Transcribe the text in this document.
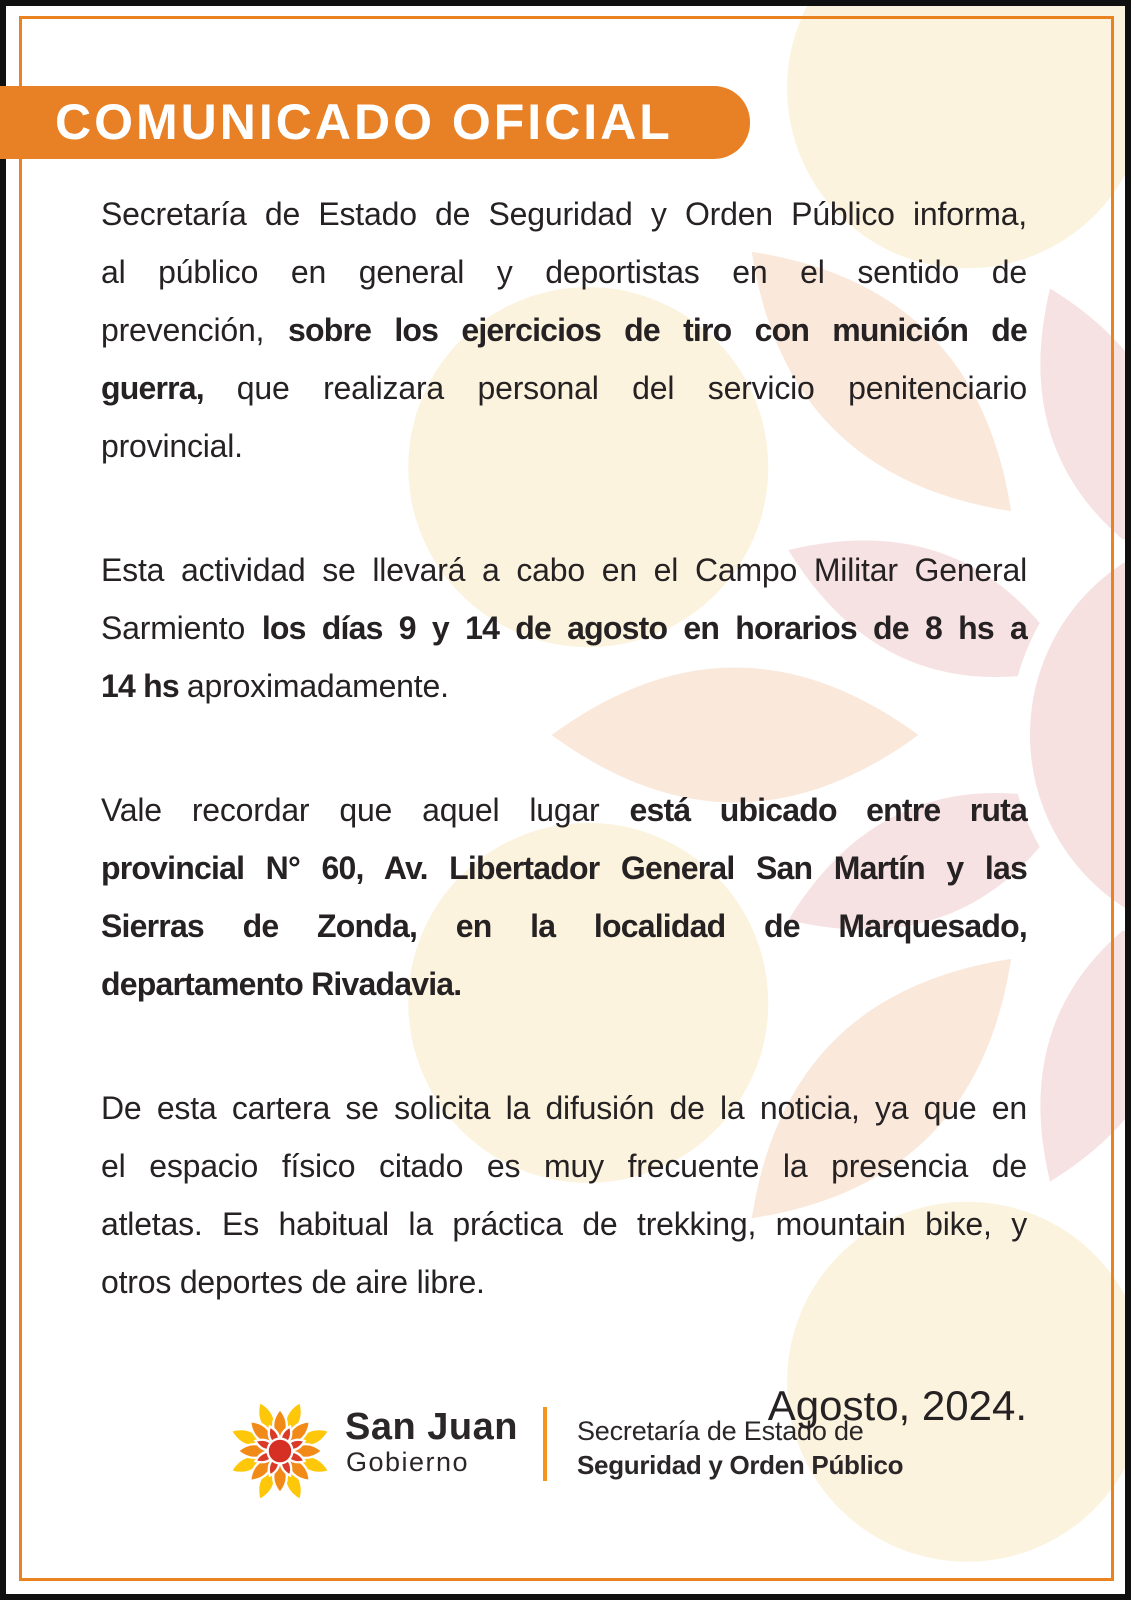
COMUNICADO OFICIAL
Secretaría de Estado de Seguridad y Orden Público informa,
al público en general y deportistas en el sentido de
prevención, sobre los ejercicios de tiro con munición de
guerra, que realizara personal del servicio penitenciario
provincial.
Esta actividad se llevará a cabo en el Campo Militar General
Sarmiento los días 9 y 14 de agosto en horarios de 8 hs a
14 hs aproximadamente.
Vale recordar que aquel lugar está ubicado entre ruta
provincial N° 60, Av. Libertador General San Martín y las
Sierras de Zonda, en la localidad de Marquesado,
departamento Rivadavia.
De esta cartera se solicita la difusión de la noticia, ya que en
el espacio físico citado es muy frecuente la presencia de
atletas. Es habitual la práctica de trekking, mountain bike, y
otros deportes de aire libre.
Agosto, 2024.
San Juan
Gobierno
Secretaría de Estado de
Seguridad y Orden Público
